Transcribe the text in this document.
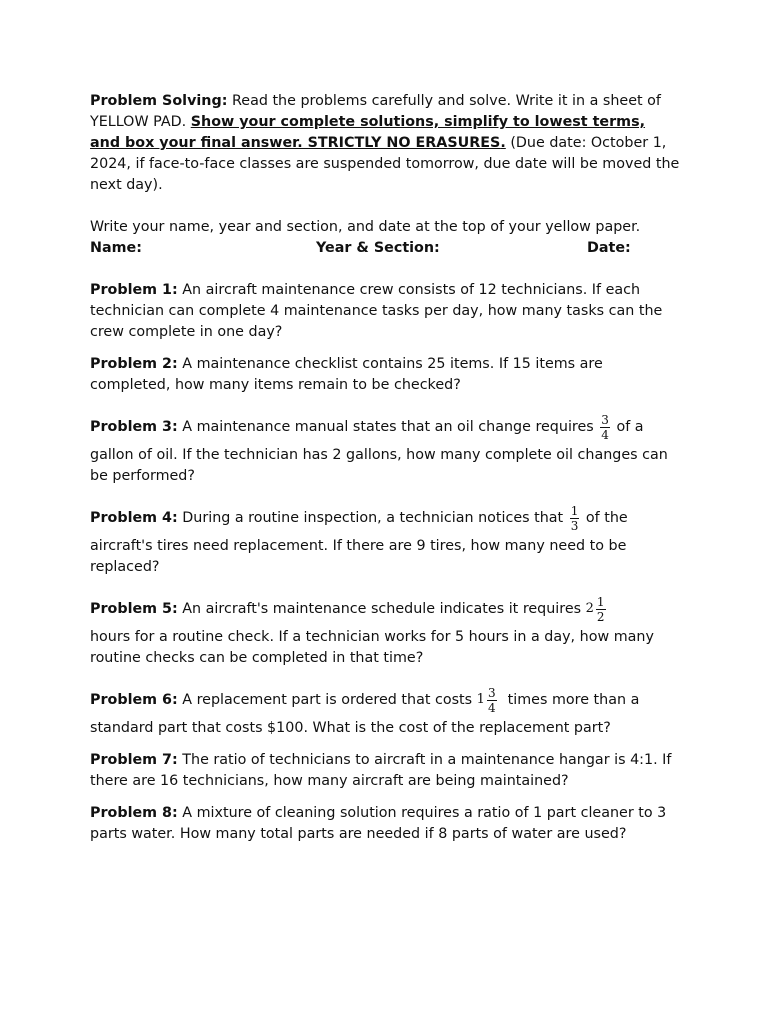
Problem Solving: Read the problems carefully and solve. Write it in a sheet of YELLOW PAD. Show your complete solutions, simplify to lowest terms, and box your final answer. STRICTLY NO ERASURES. (Due date: October 1, 2024, if face-to-face classes are suspended tomorrow, due date will be moved the next day).

Write your name, year and section, and date at the top of your yellow paper.

Name:	Year & Section:	Date:

Problem 1: An aircraft maintenance crew consists of 12 technicians. If each technician can complete 4 maintenance tasks per day, how many tasks can the crew complete in one day?

Problem 2: A maintenance checklist contains 25 items. If 15 items are completed, how many items remain to be checked?

Problem 3: A maintenance manual states that an oil change requires $\frac{3}{4}$ of a
gallon of oil. If the technician has 2 gallons, how many complete oil changes can be performed?

Problem 4: During a routine inspection, a technician notices that $\frac{1}{3}$ of the
aircraft's tires need replacement. If there are 9 tires, how many need to be replaced?

Problem 5: An aircraft's maintenance schedule indicates it requires $2 \frac{1}{2}$
hours for a routine check. If a technician works for 5 hours in a day, how many routine checks can be completed in that time?

Problem 6: A replacement part is ordered that costs $1 \frac{3}{4}$ times more than a
standard part that costs $100. What is the cost of the replacement part?

Problem 7: The ratio of technicians to aircraft in a maintenance hangar is 4:1. If there are 16 technicians, how many aircraft are being maintained?

Problem 8: A mixture of cleaning solution requires a ratio of 1 part cleaner to 3 parts water. How many total parts are needed if 8 parts of water are used?
